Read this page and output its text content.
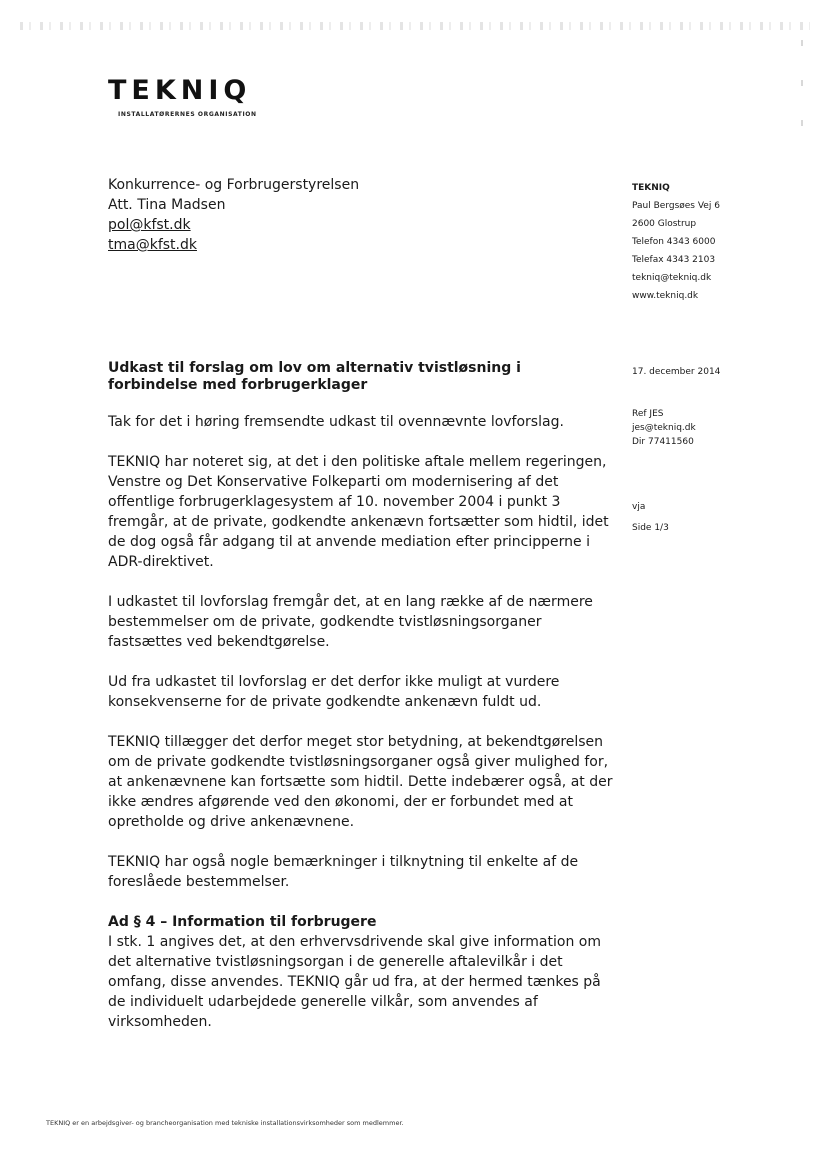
TEKNIQ
INSTALLATØRERNES ORGANISATION
Konkurrence- og Forbrugerstyrelsen
Att. Tina Madsen
pol@kfst.dk
tma@kfst.dk
TEKNIQ
Paul Bergsøes Vej 6
2600 Glostrup
Telefon 4343 6000
Telefax 4343 2103
tekniq@tekniq.dk
www.tekniq.dk
Udkast til forslag om lov om alternativ tvistløsning i forbindelse med forbrugerklager
17. december 2014
Ref JES
jes@tekniq.dk
Dir 77411560
vja
Side 1/3

Tak for det i høring fremsendte udkast til ovennævnte lovforslag.

TEKNIQ har noteret sig, at det i den politiske aftale mellem regeringen, Venstre og Det Konservative Folkeparti om modernisering af det offentlige forbrugerklagesystem af 10. november 2004 i punkt 3 fremgår, at de private, godkendte ankenævn fortsætter som hidtil, idet de dog også får adgang til at anvende mediation efter principperne i ADR-direktivet.

I udkastet til lovforslag fremgår det, at en lang række af de nærmere bestemmelser om de private, godkendte tvistløsningsorganer fastsættes ved bekendtgørelse.

Ud fra udkastet til lovforslag er det derfor ikke muligt at vurdere konsekvenserne for de private godkendte ankenævn fuldt ud.

TEKNIQ tillægger det derfor meget stor betydning, at bekendtgørelsen om de private godkendte tvistløsningsorganer også giver mulighed for, at ankenævnene kan fortsætte som hidtil. Dette indebærer også, at der ikke ændres afgørende ved den økonomi, der er forbundet med at opretholde og drive ankenævnene.

TEKNIQ har også nogle bemærkninger i tilknytning til enkelte af de foreslåede bestemmelser.

Ad § 4 – Information til forbrugere

I stk. 1 angives det, at den erhvervsdrivende skal give information om det alternative tvistløsningsorgan i de generelle aftalevilkår i det omfang, disse anvendes. TEKNIQ går ud fra, at der hermed tænkes på de individuelt udarbejdede generelle vilkår, som anvendes af virksomheden.

TEKNIQ er en arbejdsgiver- og brancheorganisation med tekniske installationsvirksomheder som medlemmer.
